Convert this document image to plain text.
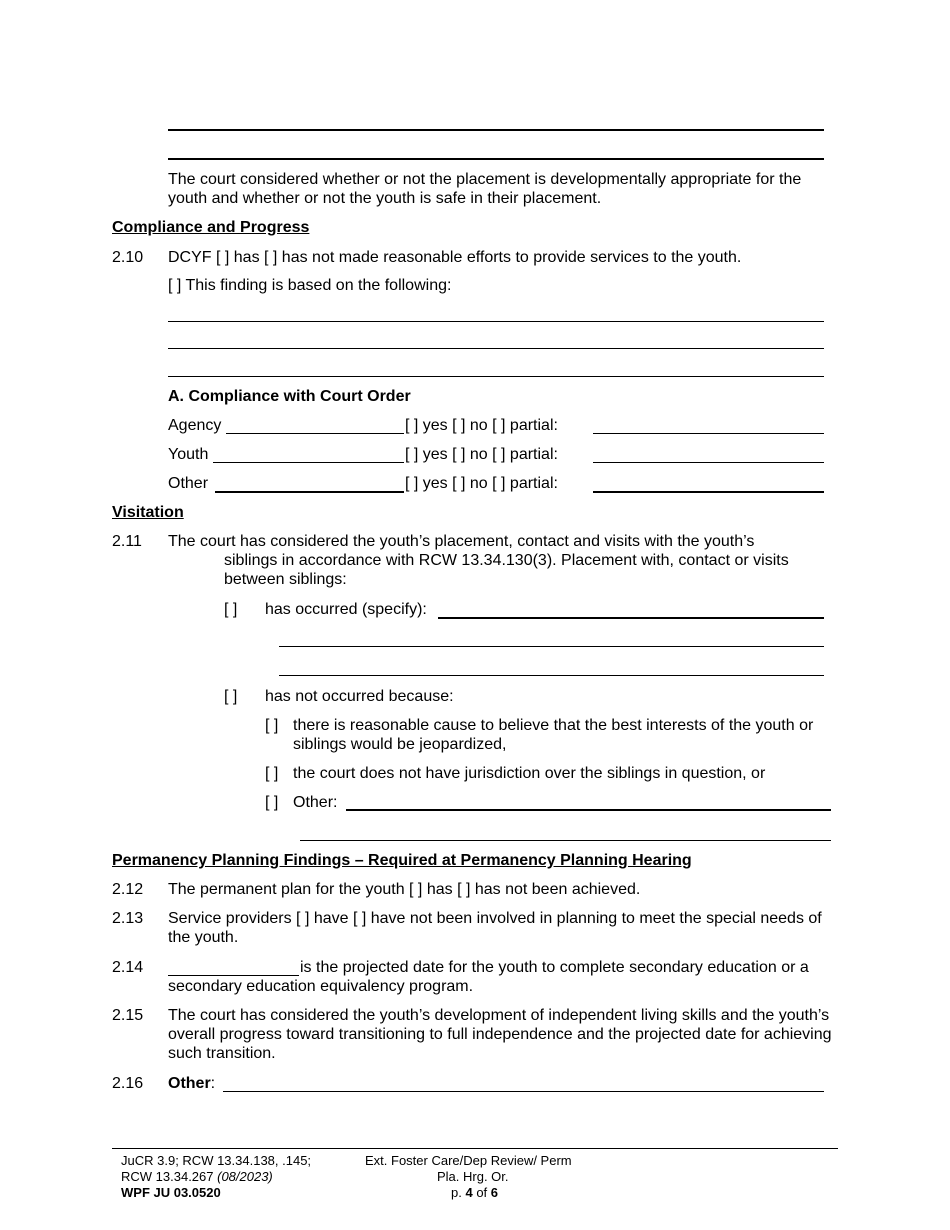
The court considered whether or not the placement is developmentally appropriate for the youth and whether or not the youth is safe in their placement.
Compliance and Progress
2.10 DCYF [ ] has [ ] has not made reasonable efforts to provide services to the youth.
[ ] This finding is based on the following:
A. Compliance with Court Order
Agency	[ ] yes [ ] no [ ] partial:
Youth	[ ] yes [ ] no [ ] partial:
Other	[ ] yes [ ] no [ ] partial:
Visitation
2.11 The court has considered the youth’s placement, contact and visits with the youth’s
siblings in accordance with RCW 13.34.130(3). Placement with, contact or visits between siblings:
[ ] has occurred (specify):
[ ] has not occurred because:
[ ] there is reasonable cause to believe that the best interests of the youth or siblings would be jeopardized,
[ ] the court does not have jurisdiction over the siblings in question, or
[ ] Other:
Permanency Planning Findings – Required at Permanency Planning Hearing
2.12 The permanent plan for the youth [ ] has [ ] has not been achieved.
2.13 Service providers [ ] have [ ] have not been involved in planning to meet the special needs of the youth.
2.14	is the projected date for the youth to complete secondary education or a secondary education equivalency program.
2.15 The court has considered the youth’s development of independent living skills and the youth’s overall progress toward transitioning to full independence and the projected date for achieving such transition.
2.16 Other:
JuCR 3.9; RCW 13.34.138, .145;
RCW 13.34.267 (08/2023)
WPF JU 03.0520
Ext. Foster Care/Dep Review/ Perm
Pla. Hrg. Or.
p. 4 of 6
